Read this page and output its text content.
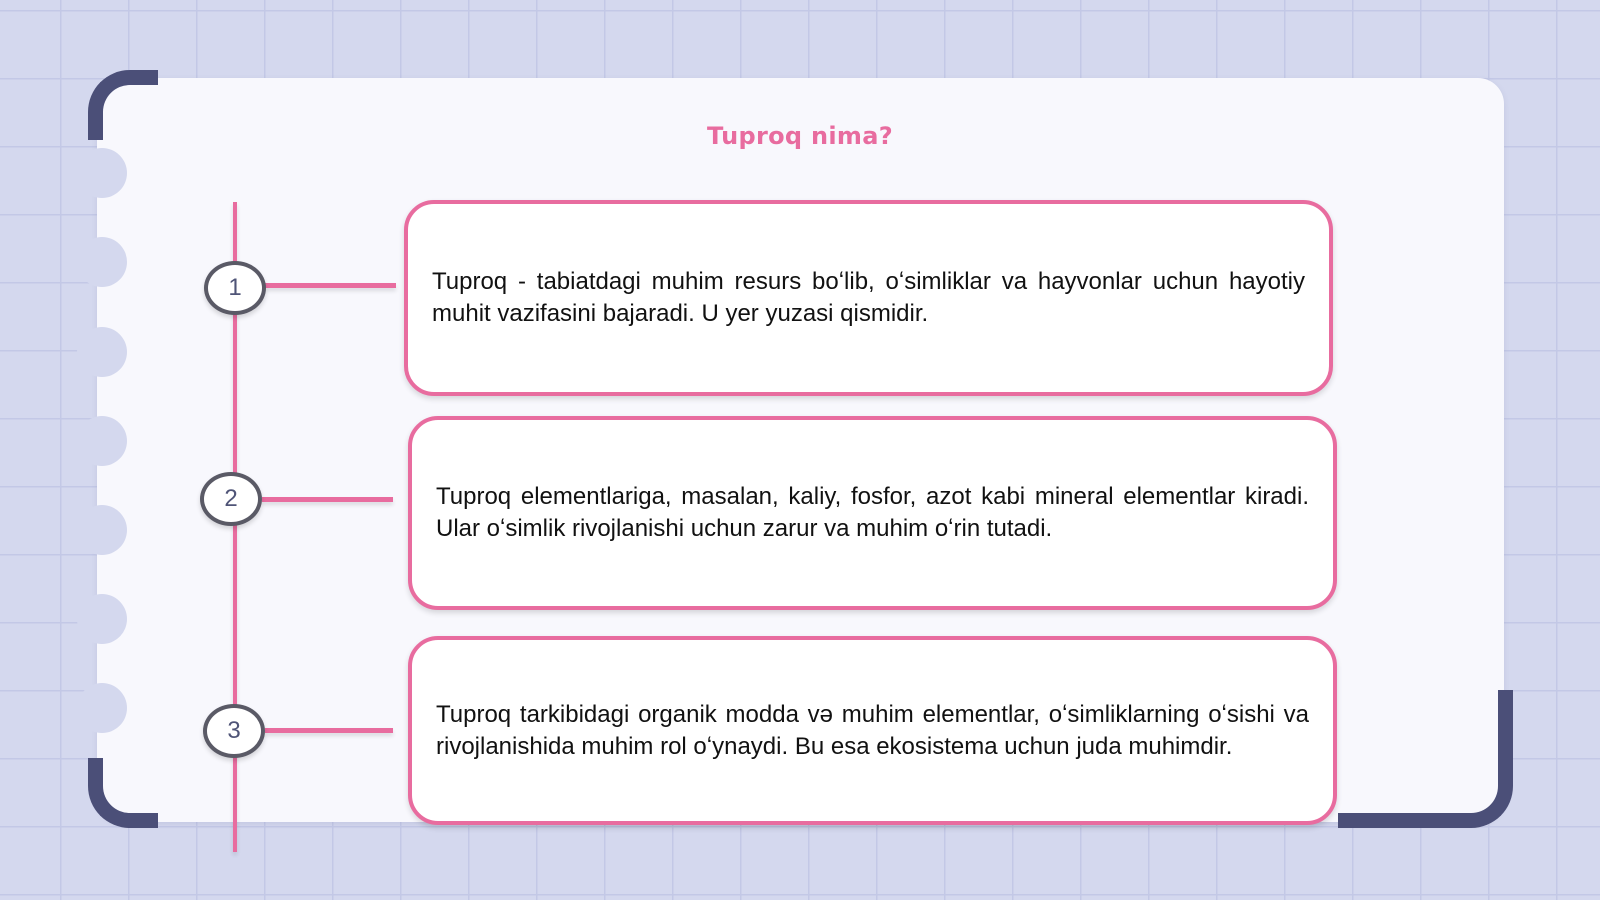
Tuproq nima?
1	Tuproq - tabiatdagi muhim resurs boʻlib, oʻsimliklar va hayvonlar uchun hayotiy muhit vazifasini bajaradi. U yer yuzasi qismidir.

2	Tuproq elementlariga, masalan, kaliy, fosfor, azot kabi mineral elementlar kiradi. Ular oʻsimlik rivojlanishi uchun zarur va muhim oʻrin tutadi.

3

Tuproq tarkibidagi organik modda və muhim elementlar, oʻsimliklarning oʻsishi va rivojlanishida muhim rol oʻynaydi. Bu esa ekosistema uchun juda muhimdir.
